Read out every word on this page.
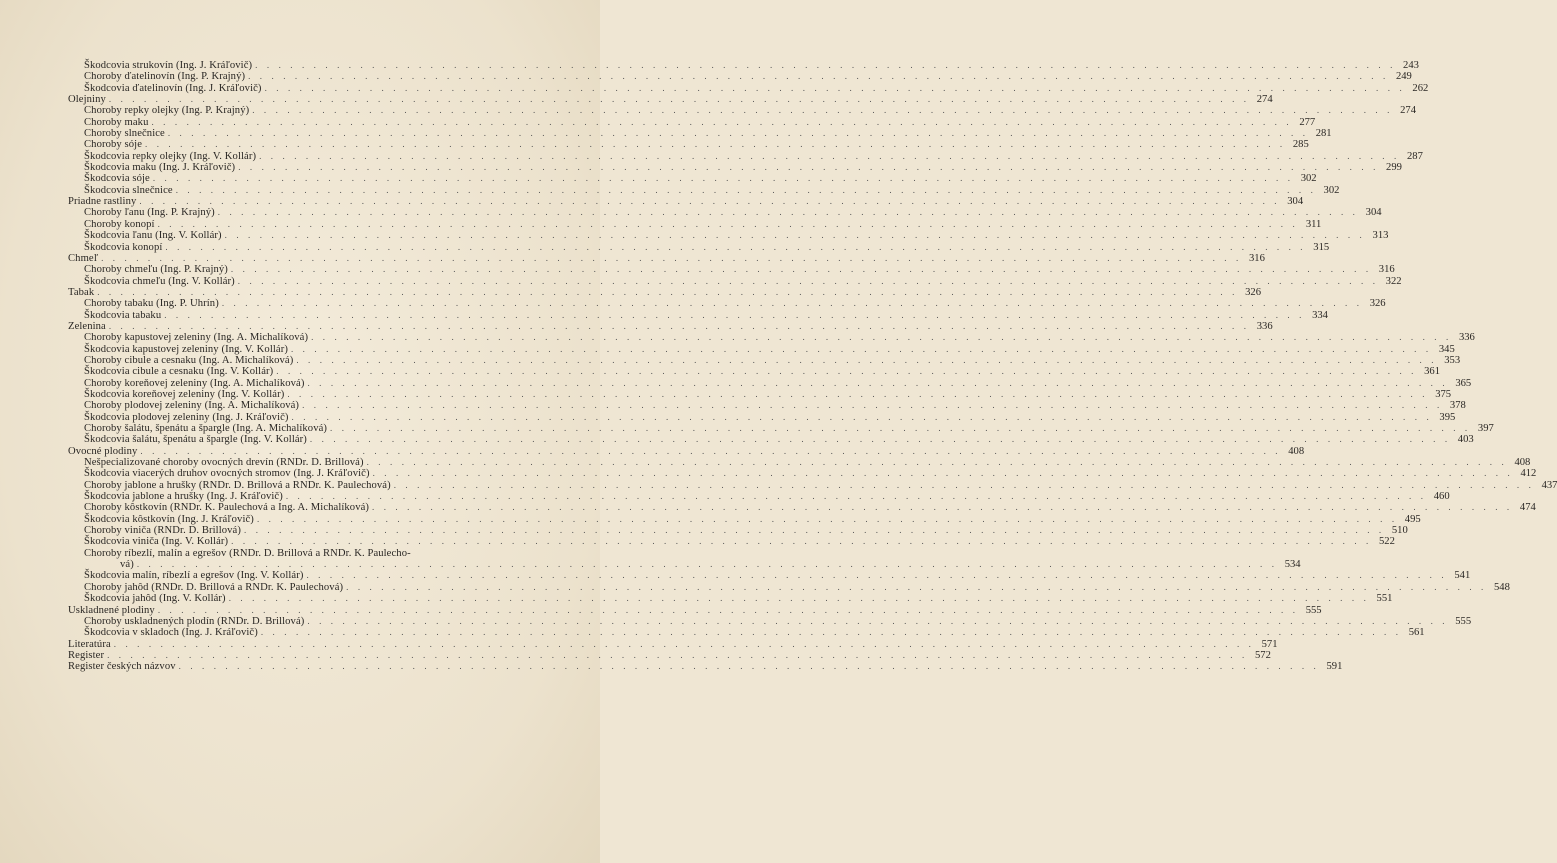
Škodcovia strukovín (Ing. J. Kráľovič) . . .	243
Choroby ďatelinovín (Ing. P. Krajný) . . .	249
Škodcovia ďatelinovín (Ing. J. Kráľovič) . . .	262
Olejniny . . .	274
Choroby repky olejky (Ing. P. Krajný) . . .	274
Choroby maku . . .	277
Choroby slnečnice . . .	281
Choroby sóje . . .	285
Škodcovia repky olejky (Ing. V. Kollár) . . .	287
Škodcovia maku (Ing. J. Kráľovič) . . .	299
Škodcovia sóje . . .	302
Škodcovia slnečnice . . .	302
Priadne rastliny . . .	304
Choroby ľanu (Ing. P. Krajný) . . .	304
Choroby konopí . . .	311
Škodcovia ľanu (Ing. V. Kollár) . . .	313
Škodcovia konopí . . .	315
Chmeľ . . .	316
Choroby chmeľu (Ing. P. Krajný) . . .	316
Škodcovia chmeľu (Ing. V. Kollár) . . .	322
Tabak . . .	326
Choroby tabaku (Ing. P. Uhrín) . . .	326
Škodcovia tabaku . . .	334
Zelenina . . .	336
Choroby kapustovej zeleniny (Ing. A. Michalíková) . . .	336
Škodcovia kapustovej zeleniny (Ing. V. Kollár) . . .	345
Choroby cibule a cesnaku (Ing. A. Michalíková) . . .	353
Škodcovia cibule a cesnaku (Ing. V. Kollár) . . .	361
Choroby koreňovej zeleniny (Ing. A. Michalíková) . . .	365
Škodcovia koreňovej zeleniny (Ing. V. Kollár) . . .	375
Choroby plodovej zeleniny (Ing. A. Michalíková) . . .	378
Škodcovia plodovej zeleniny (Ing. J. Kráľovič) . . .	395
Choroby šalátu, špenátu a špargle (Ing. A. Michalíková) . . .	397
Škodcovia šalátu, špenátu a špargle (Ing. V. Kollár) . . .	403
Ovocné plodiny . . .	408
Nešpecializované choroby ovocných drevín (RNDr. D. Brillová) . . .	408
Škodcovia viacerých druhov ovocných stromov (Ing. J. Kráľovič) . . .	412
Choroby jablone a hrušky (RNDr. D. Brillová a RNDr. K. Paulechová) . . .	437
Škodcovia jablone a hrušky (Ing. J. Kráľovič) . . .	460
Choroby kôstkovín (RNDr. K. Paulechová a Ing. A. Michalíková) . . .	474
Škodcovia kôstkovín (Ing. J. Kráľovič) . . .	495
Choroby viniča (RNDr. D. Brillová) . . .	510
Škodcovia viniča (Ing. V. Kollár) . . .	522
Choroby ríbezlí, malín a egrešov (RNDr. D. Brillová a RNDr. K. Paulecho-
vá) . . .	534
Škodcovia malín, ríbezlí a egrešov (Ing. V. Kollár) . . .	541
Choroby jahôd (RNDr. D. Brillová a RNDr. K. Paulechová) . . .	548
Škodcovia jahôd (Ing. V. Kollár) . . .	551
Uskladnené plodiny . . .	555
Choroby uskladnených plodín (RNDr. D. Brillová) . . .	555
Škodcovia v skladoch (Ing. J. Kráľovič) . . .	561
Literatúra . . .	571
Register . . .	572
Register českých názvov . . .	591
